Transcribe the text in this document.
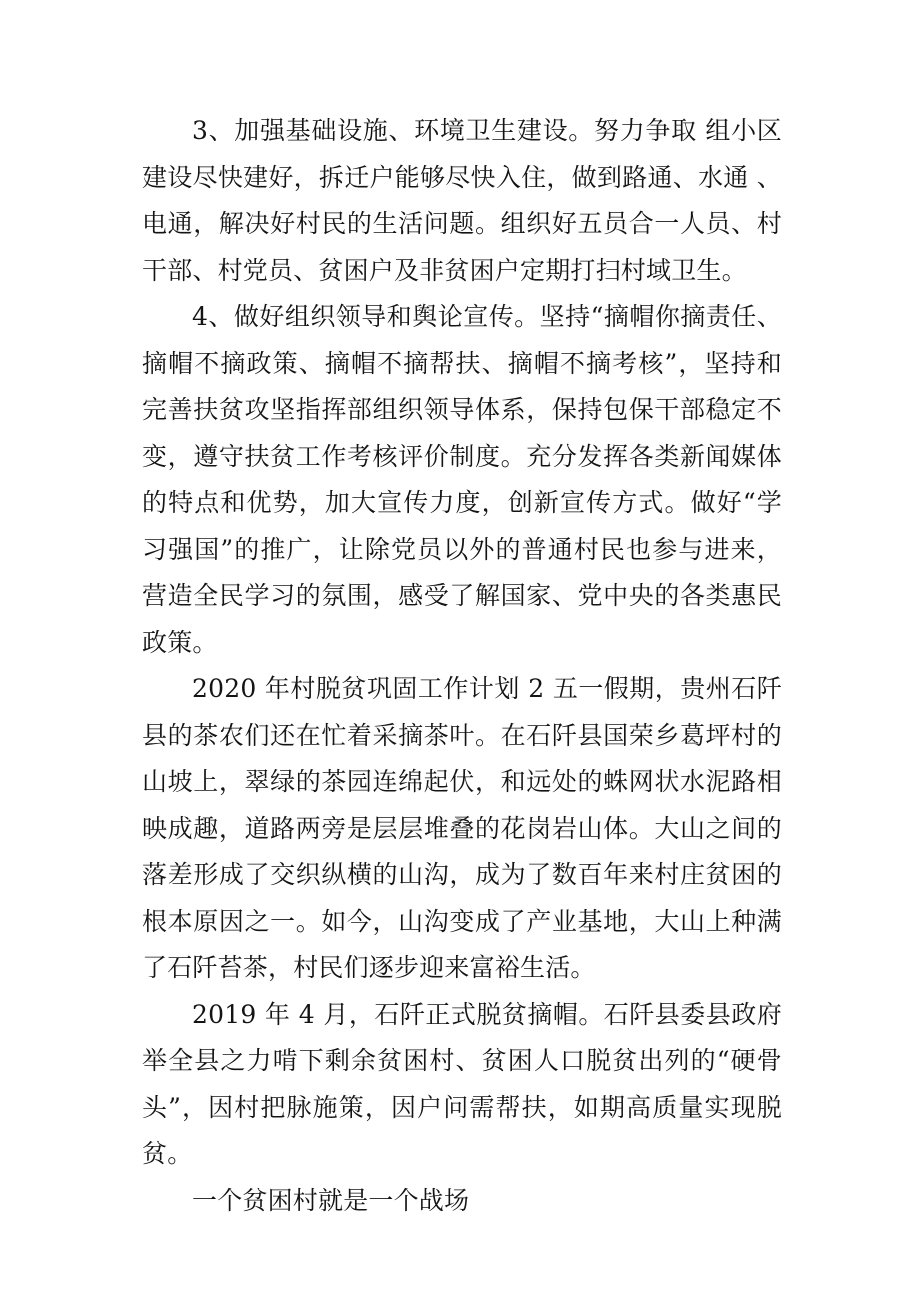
3、加强基础设施、环境卫生建设。努力争取 组小区建设尽快建好，拆迁户能够尽快入住，做到路通、水通 、电通，解决好村民的生活问题。组织好五员合一人员、村干部、村党员、贫困户及非贫困户定期打扫村域卫生。

4、做好组织领导和舆论宣传。坚持“摘帽你摘责任、摘帽不摘政策、摘帽不摘帮扶、摘帽不摘考核”，坚持和完善扶贫攻坚指挥部组织领导体系，保持包保干部稳定不变，遵守扶贫工作考核评价制度。充分发挥各类新闻媒体的特点和优势，加大宣传力度，创新宣传方式。做好“学习强国”的推广，让除党员以外的普通村民也参与进来，营造全民学习的氛围，感受了解国家、党中央的各类惠民政策。

2020 年村脱贫巩固工作计划 2 五一假期，贵州石阡县的茶农们还在忙着采摘茶叶。在石阡县国荣乡葛坪村的山坡上，翠绿的茶园连绵起伏，和远处的蛛网状水泥路相映成趣，道路两旁是层层堆叠的花岗岩山体。大山之间的落差形成了交织纵横的山沟，成为了数百年来村庄贫困的根本原因之一。如今，山沟变成了产业基地，大山上种满了石阡苔茶，村民们逐步迎来富裕生活。

2019 年 4 月，石阡正式脱贫摘帽。石阡县委县政府举全县之力啃下剩余贫困村、贫困人口脱贫出列的“硬骨头”，因村把脉施策，因户问需帮扶，如期高质量实现脱贫。

一个贫困村就是一个战场
